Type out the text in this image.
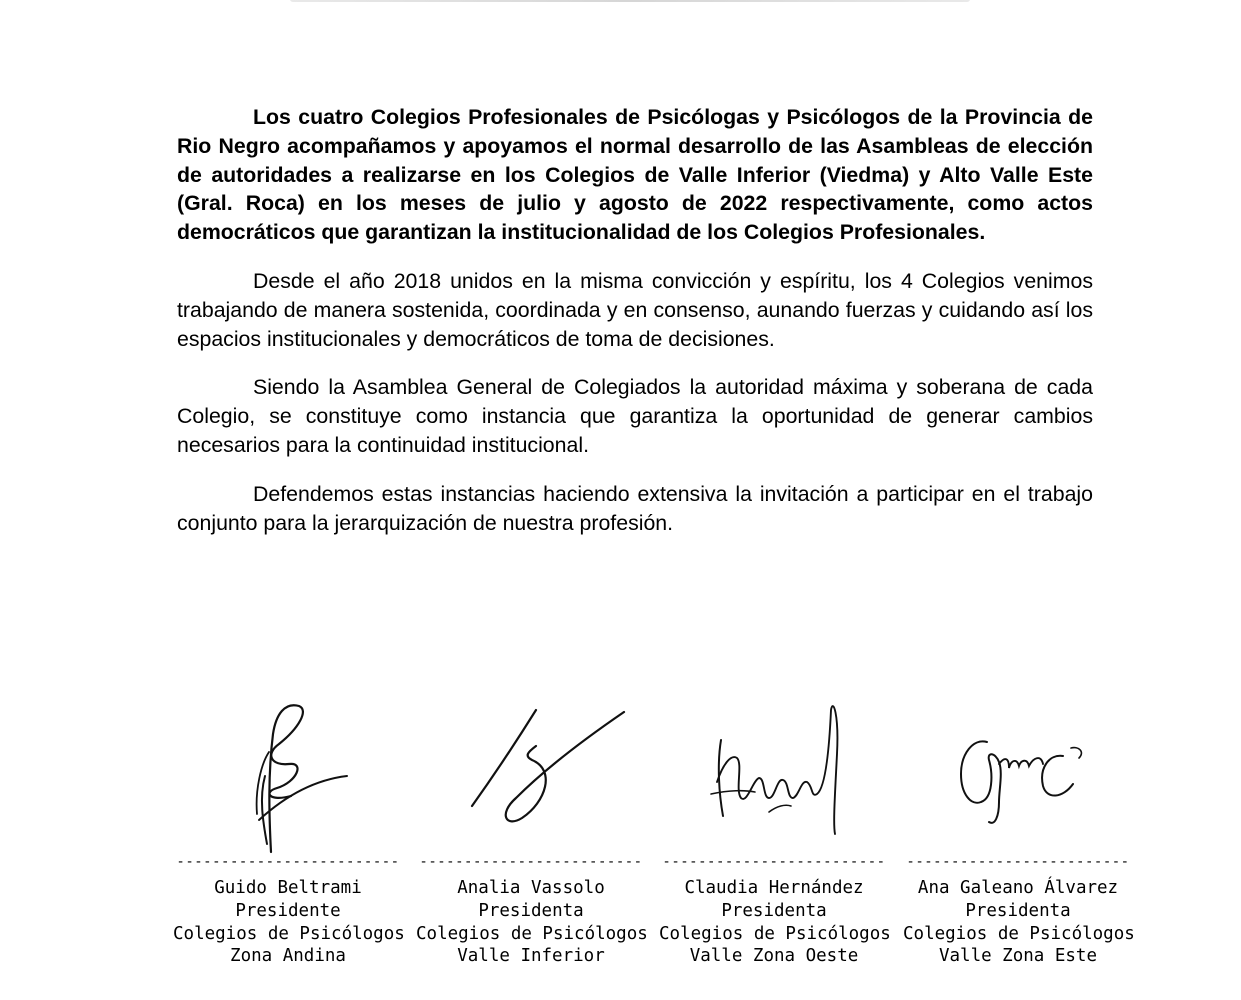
Los cuatro Colegios Profesionales de Psicólogas y Psicólogos de la Provincia de Rio Negro acompañamos y apoyamos el normal desarrollo de las Asambleas de elección de autoridades a realizarse en los Colegios de Valle Inferior (Viedma) y Alto Valle Este (Gral. Roca) en los meses de julio y agosto de 2022 respectivamente, como actos democráticos que garantizan la institucionalidad de los Colegios Profesionales.

Desde el año 2018 unidos en la misma convicción y espíritu, los 4 Colegios venimos trabajando de manera sostenida, coordinada y en consenso, aunando fuerzas y cuidando así los espacios institucionales y democráticos de toma de decisiones.

Siendo la Asamblea General de Colegiados la autoridad máxima y soberana de cada Colegio, se constituye como instancia que garantiza la oportunidad de generar cambios necesarios para la continuidad institucional.

Defendemos estas instancias haciendo extensiva la invitación a participar en el trabajo conjunto para la jerarquización de nuestra profesión.

-------------------------
Guido Beltrami
Presidente
Colegios de Psicólogos
Zona Andina
-------------------------
Analia Vassolo
Presidenta
Colegios de Psicólogos
Valle Inferior
-------------------------
Claudia Hernández
Presidenta
Colegios de Psicólogos
Valle Zona Oeste
-------------------------
Ana Galeano Álvarez
Presidenta
Colegios de Psicólogos
Valle Zona Este
